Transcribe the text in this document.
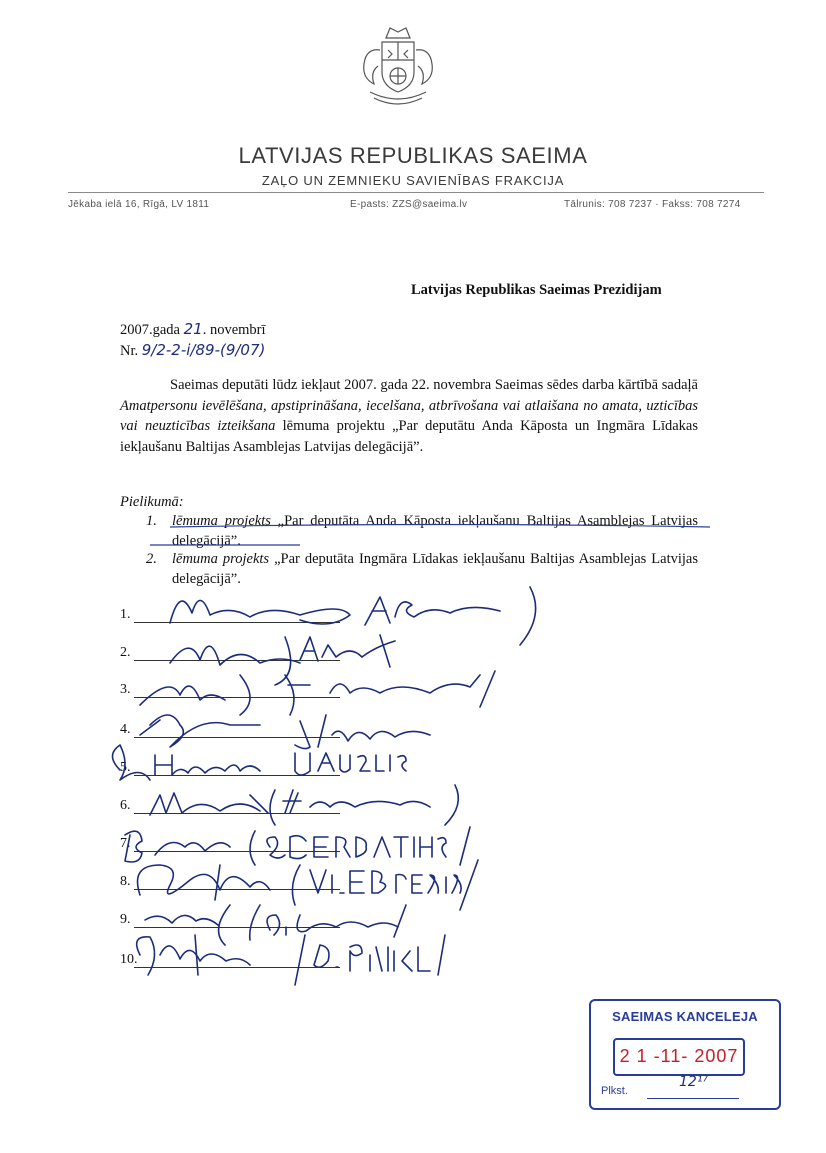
LATVIJAS REPUBLIKAS SAEIMA
ZAĻO UN ZEMNIEKU SAVIENĪBAS FRAKCIJA
Jēkaba ielā 16, Rīgā, LV 1811	E-pasts: ZZS@saeima.lv	Tālrunis: 708 7237 · Fakss: 708 7274
Latvijas Republikas Saeimas Prezidijam
2007.gada 21. novembrī
Nr. 9/2-2-i/89-(9/07)
Saeimas deputāti lūdz iekļaut 2007. gada 22. novembra Saeimas sēdes darba kārtībā sadaļā Amatpersonu ievēlēšana, apstiprināšana, iecelšana, atbrīvošana vai atlaišana no amata, uzticības vai neuzticības izteikšana lēmuma projektu „Par deputātu Anda Kāposta un Ingmāra Līdakas iekļaušanu Baltijas Asamblejas Latvijas delegācijā”.
Pielikumā:
1. lēmuma projekts „Par deputāta Anda Kāposta iekļaušanu Baltijas Asamblejas Latvijas delegācijā”.
2. lēmuma projekts „Par deputāta Ingmāra Līdakas iekļaušanu Baltijas Asamblejas Latvijas delegācijā”.
1.
2.
3.
4.
5.
6.
7.
8.
9.
10.
SAEIMAS KANCELEJA
2 1 -11- 2007
Plkst.
12¹⁷
